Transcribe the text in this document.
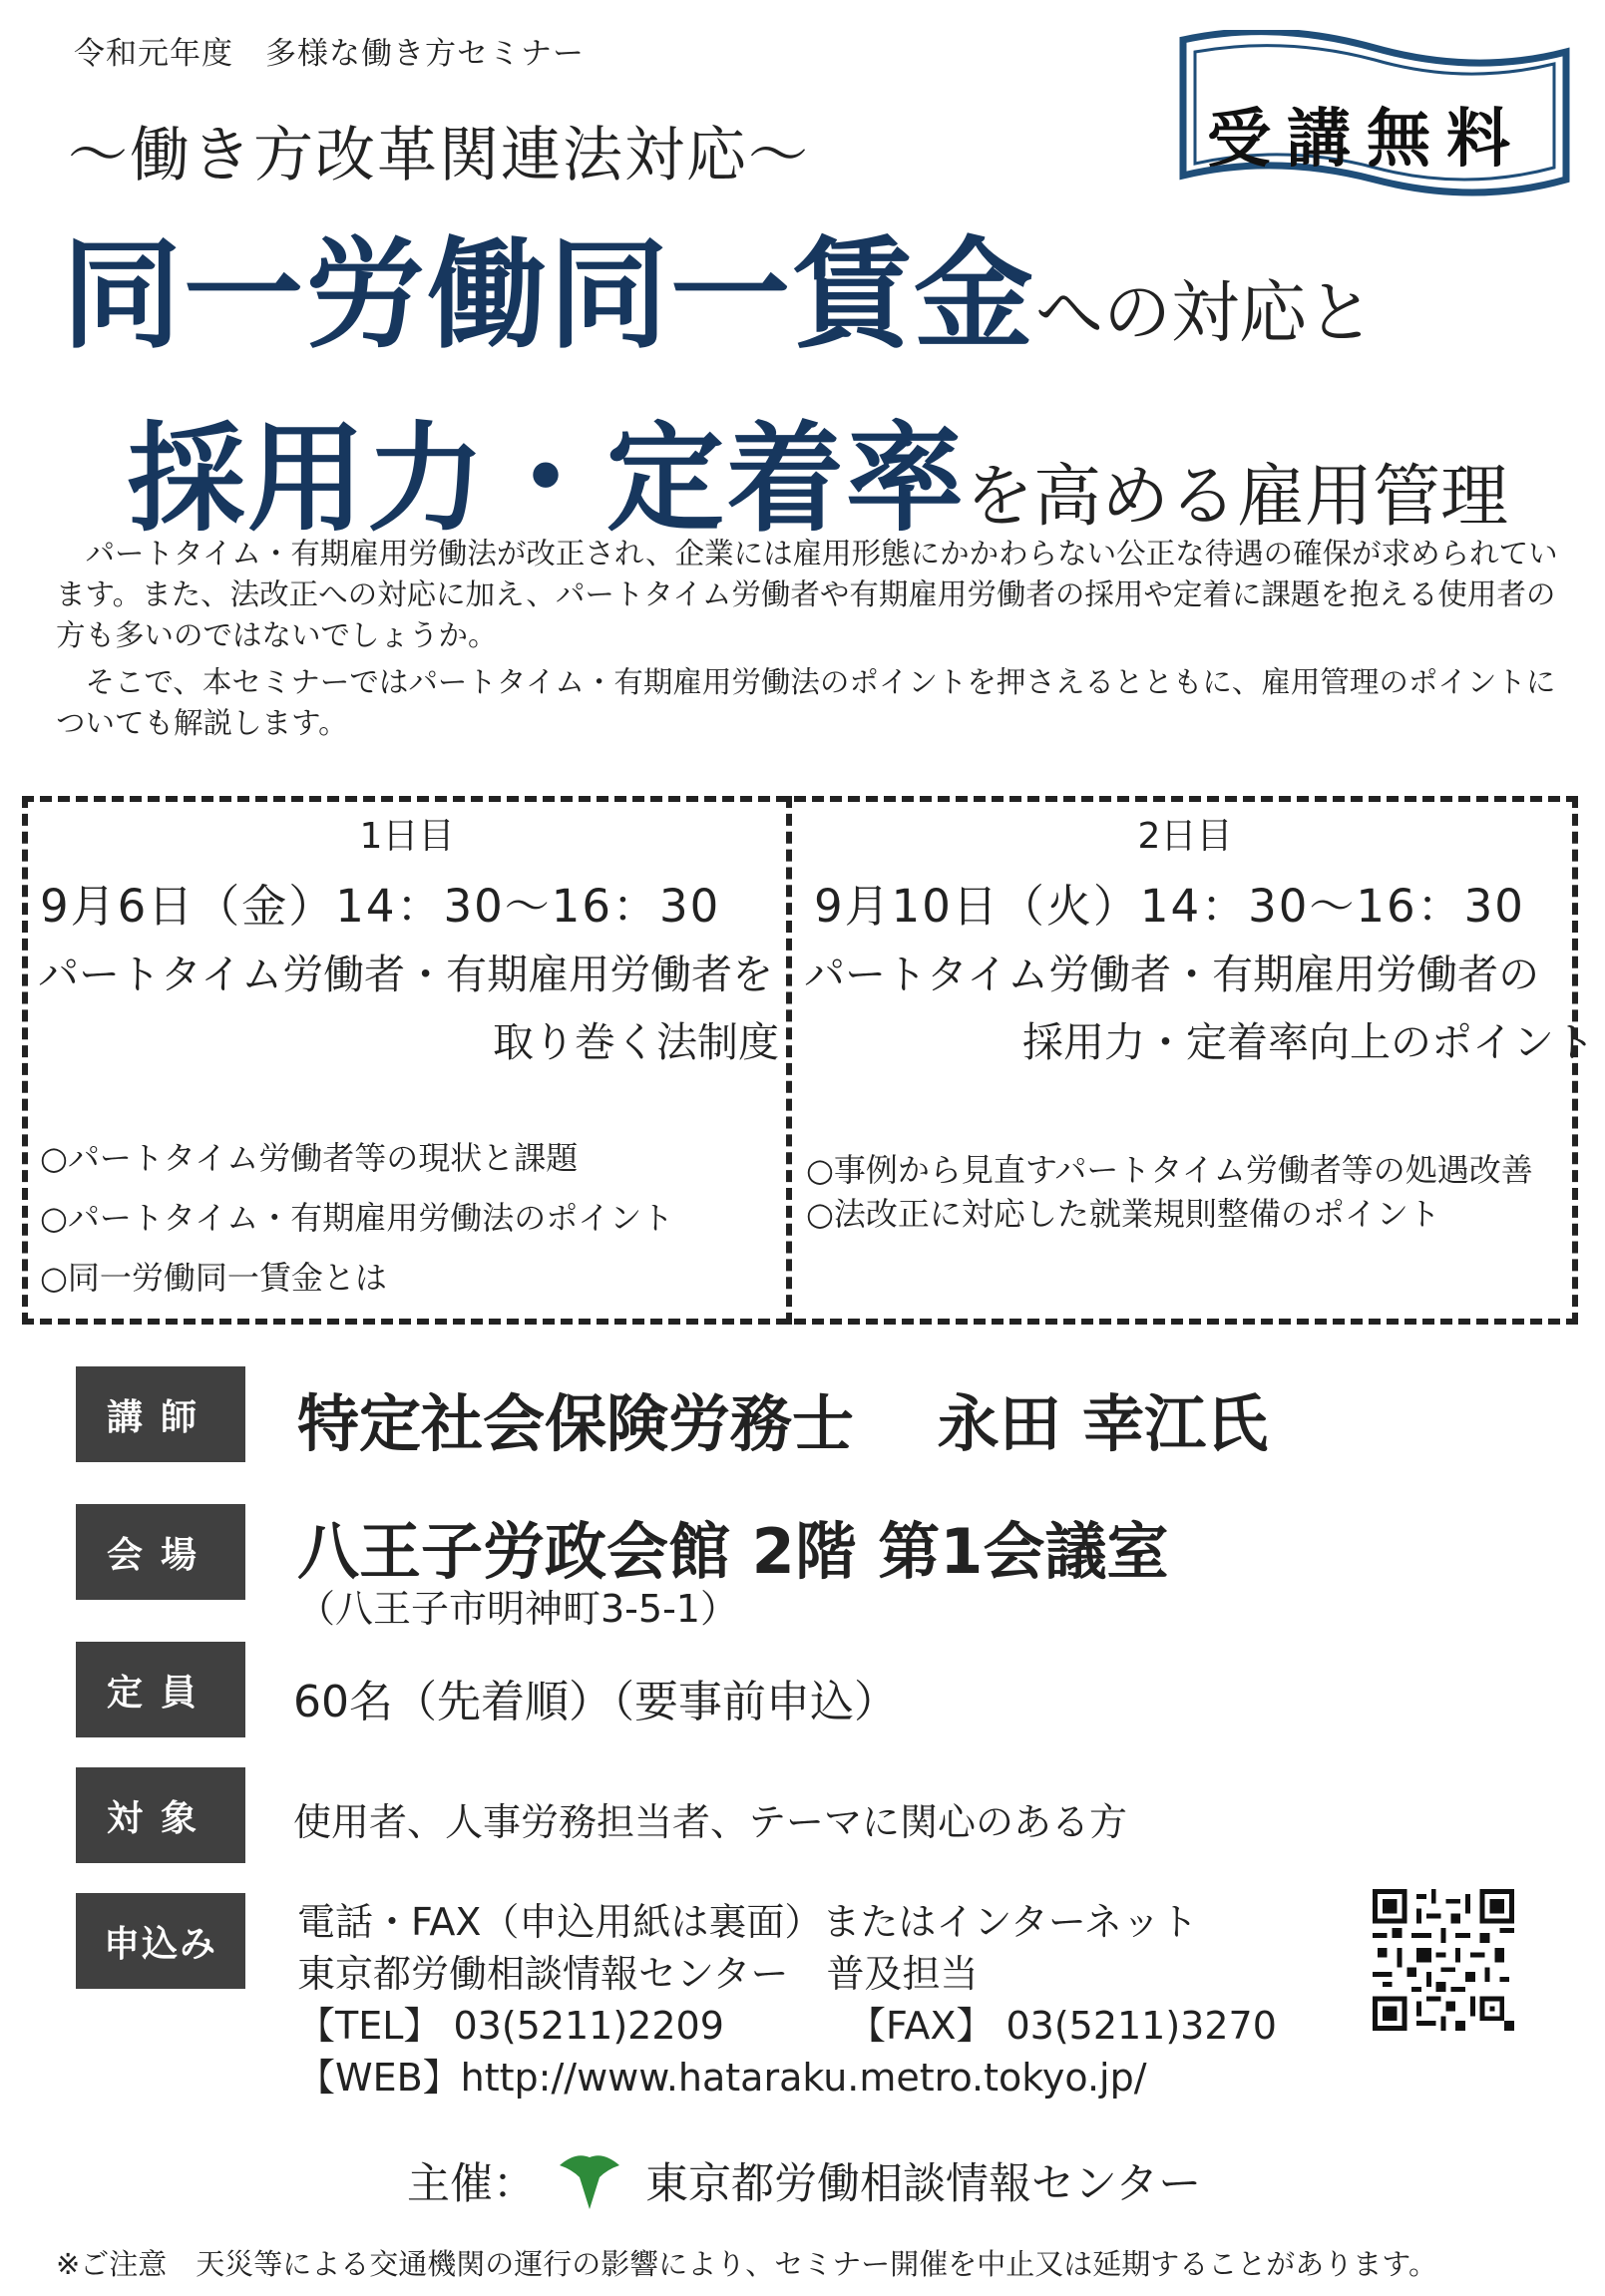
令和元年度　多様な働き方セミナー
～働き方改革関連法対応～	受講無料
同一労働同一賃金への対応と
採用力・定着率を高める雇用管理

パートタイム・有期雇用労働法が改正され、企業には雇用形態にかかわらない公正な待遇の確保が求められています。また、法改正への対応に加え、パートタイム労働者や有期雇用労働者の採用や定着に課題を抱える使用者の方も多いのではないでしょうか。

そこで、本セミナーではパートタイム・有期雇用労働法のポイントを押さえるとともに、雇用管理のポイントについても解説します。

1日目
9月6日（金）14：30～16：30
パートタイム労働者・有期雇用労働者を
取り巻く法制度
○パートタイム労働者等の現状と課題
○パートタイム・有期雇用労働法のポイント
○同一労働同一賃金とは
2日目
9月10日（火）14：30～16：30
パートタイム労働者・有期雇用労働者の
採用力・定着率向上のポイント
○事例から見直すパートタイム労働者等の処遇改善
○法改正に対応した就業規則整備のポイント
講師	特定社会保険労務士　 永田 幸江氏
会場	八王子労政会館 2階 第1会議室
（八王子市明神町3-5-1）
定員	60名（先着順）（要事前申込）
対象	使用者、人事労務担当者、テーマに関心のある方
申込み	電話・FAX（申込用紙は裏面）またはインターネット
東京都労働相談情報センター　普及担当
【TEL】 03(5211)2209	【FAX】 03(5211)3270
【WEB】http://www.hataraku.metro.tokyo.jp/
主催：	東京都労働相談情報センター
※ご注意　天災等による交通機関の運行の影響により、セミナー開催を中止又は延期することがあります。
